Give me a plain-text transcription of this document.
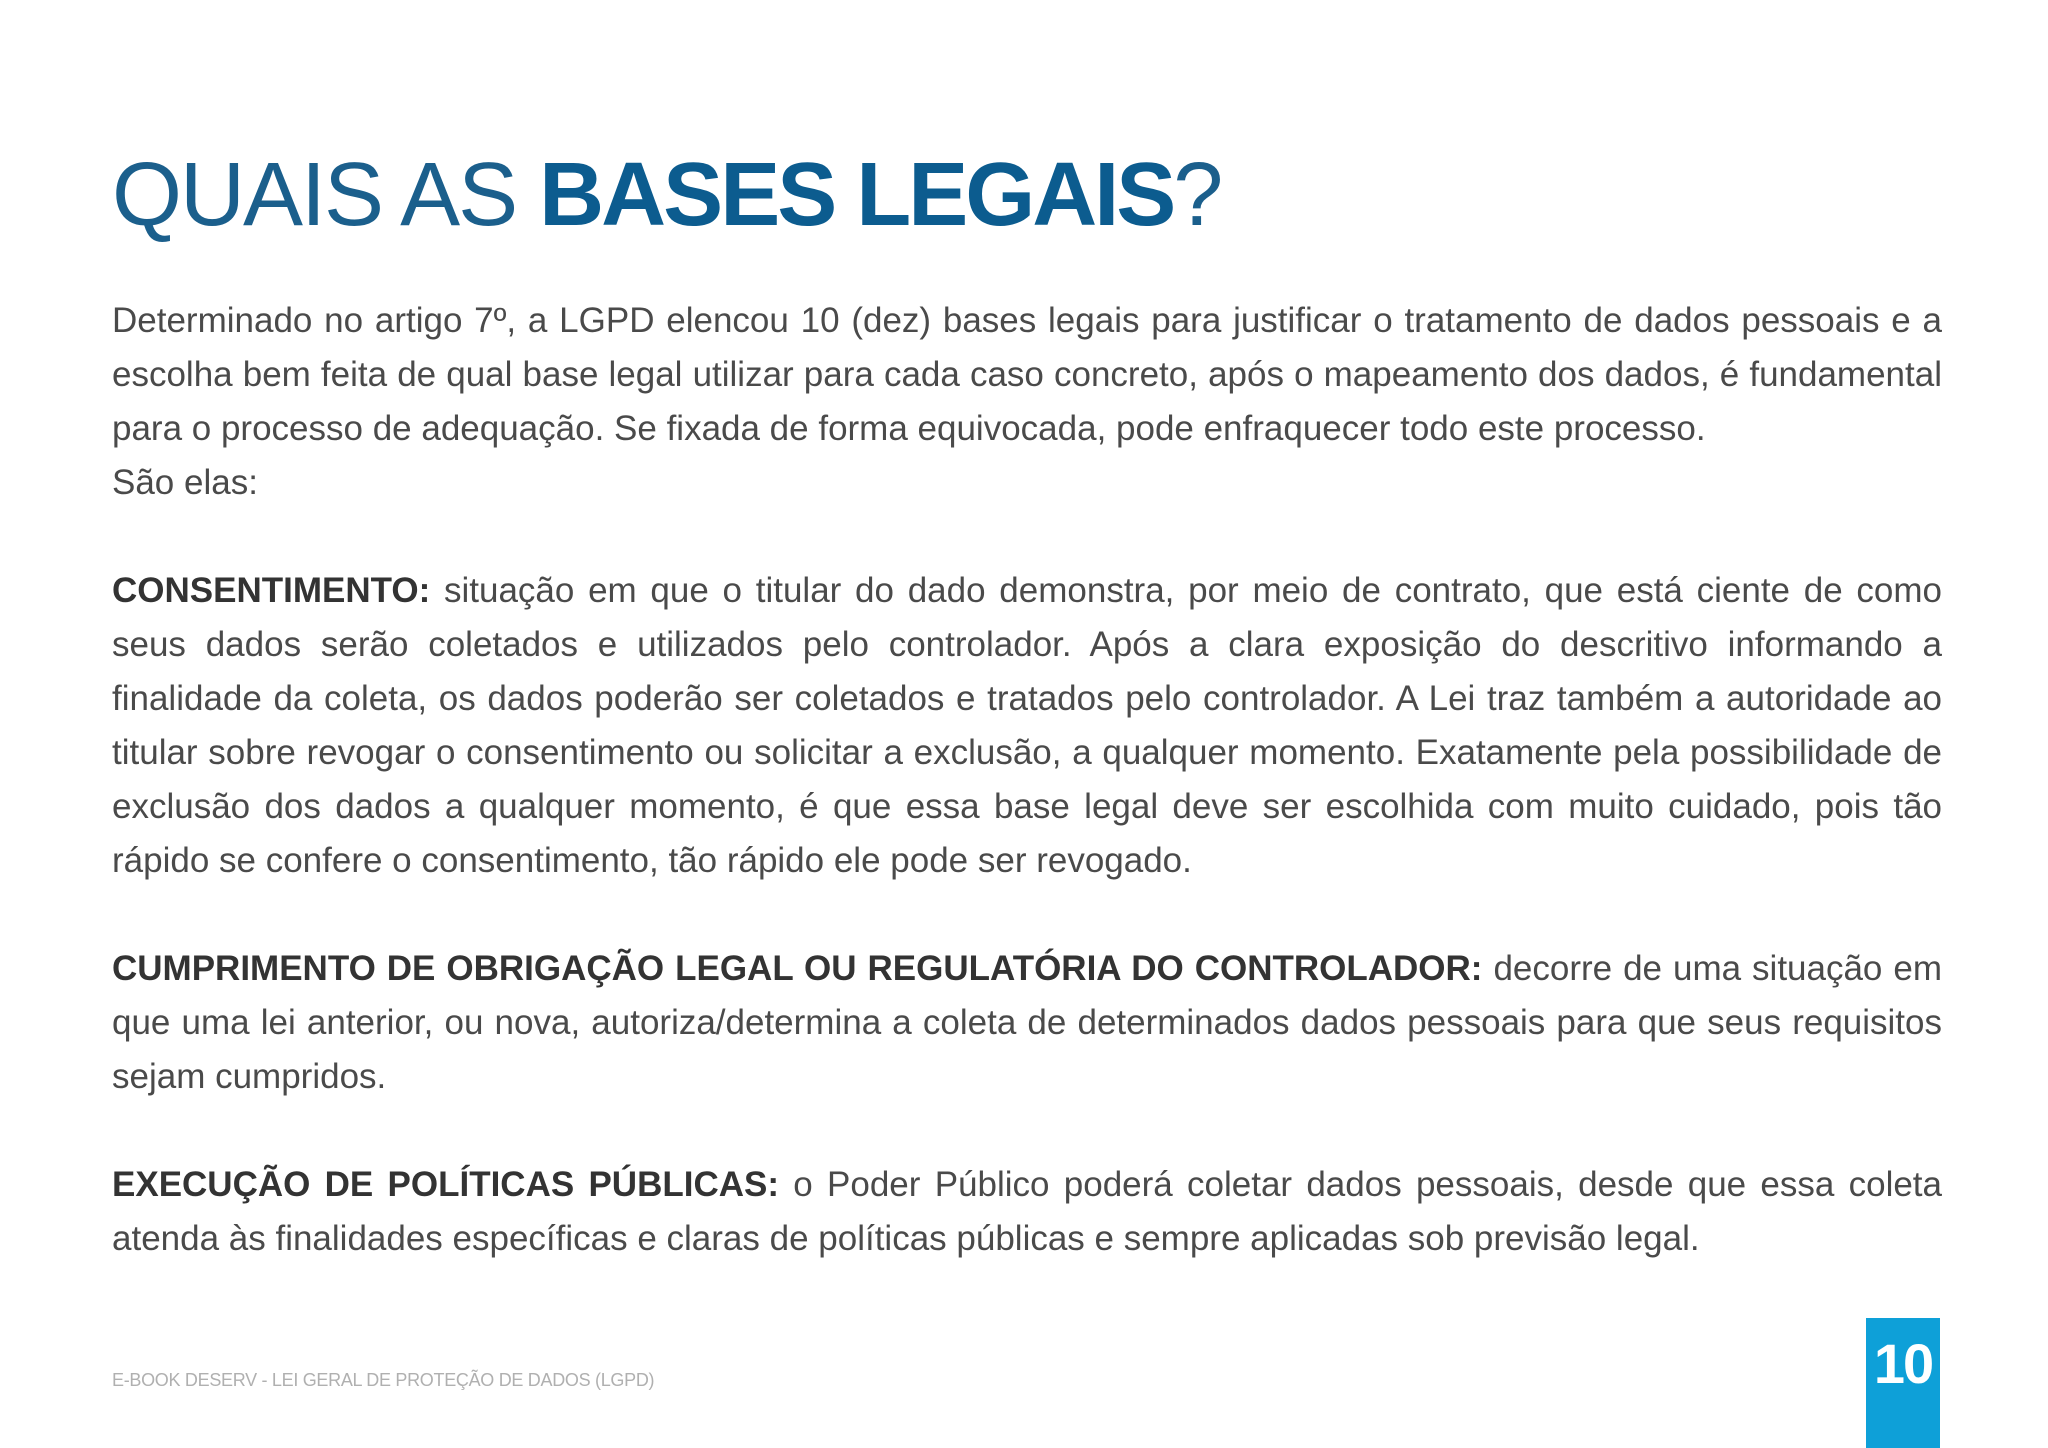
QUAIS AS BASES LEGAIS?

Determinado no artigo 7º, a LGPD elencou 10 (dez) bases legais para justificar o tratamento de dados pessoais e a escolha bem feita de qual base legal utilizar para cada caso concreto, após o mapeamento dos dados, é fundamental para o processo de adequação. Se fixada de forma equivocada, pode enfraquecer todo este processo.

São elas:

CONSENTIMENTO: situação em que o titular do dado demonstra, por meio de contrato, que está ciente de como seus dados serão coletados e utilizados pelo controlador. Após a clara exposição do descritivo informando a finalidade da coleta, os dados poderão ser coletados e tratados pelo controlador. A Lei traz também a autoridade ao titular sobre revogar o consentimento ou solicitar a exclusão, a qualquer momento. Exatamente pela possibilidade de exclusão dos dados a qualquer momento, é que essa base legal deve ser escolhida com muito cuidado, pois tão rápido se confere o consentimento, tão rápido ele pode ser revogado.

CUMPRIMENTO DE OBRIGAÇÃO LEGAL OU REGULATÓRIA DO CONTROLADOR: decorre de uma situação em que uma lei anterior, ou nova, autoriza/determina a coleta de determinados dados pessoais para que seus requisitos sejam cumpridos.

EXECUÇÃO DE POLÍTICAS PÚBLICAS: o Poder Público poderá coletar dados pessoais, desde que essa coleta atenda às finalidades específicas e claras de políticas públicas e sempre aplicadas sob previsão legal.

E-BOOK DESERV - LEI GERAL DE PROTEÇÃO DE DADOS (LGPD)	10
